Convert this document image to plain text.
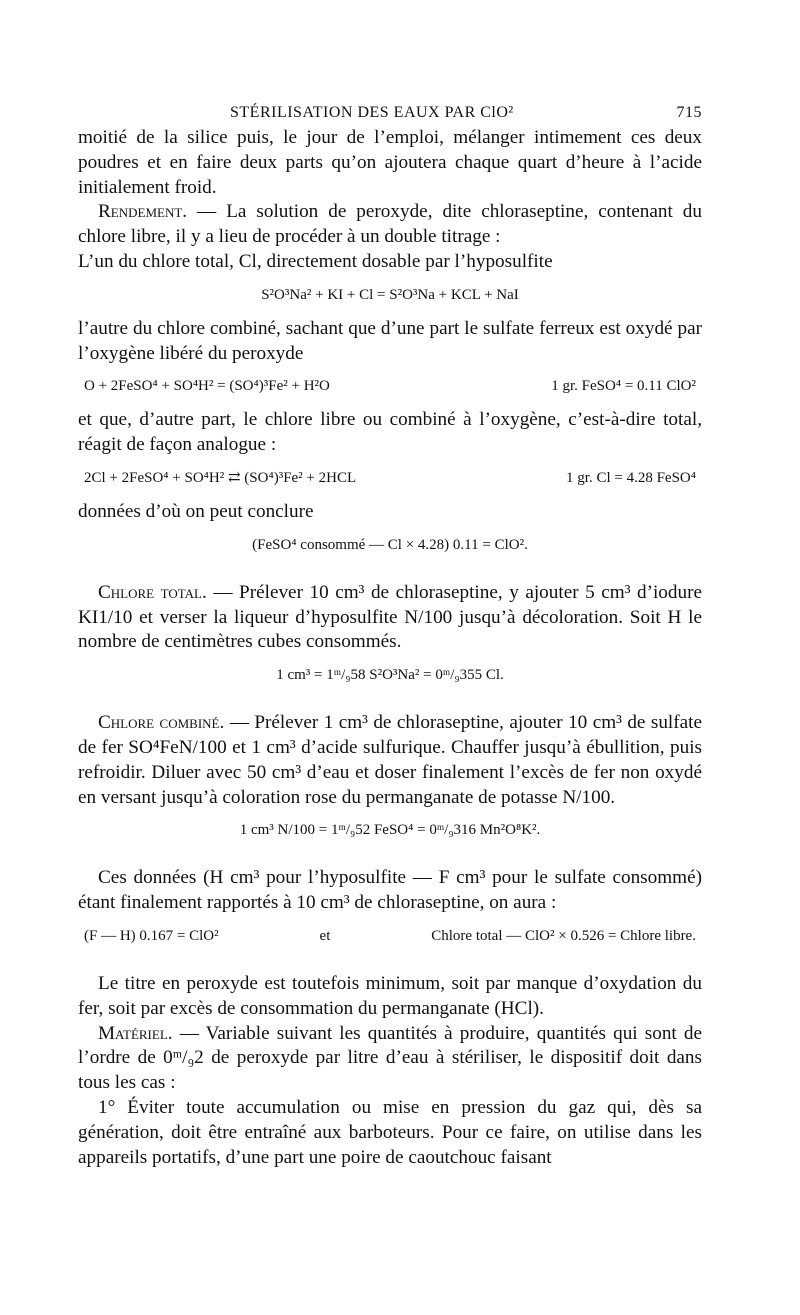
STÉRILISATION DES EAUX PAR ClO²	715

moitié de la silice puis, le jour de l’emploi, mélanger intimement ces deux poudres et en faire deux parts qu’on ajoutera chaque quart d’heure à l’acide initialement froid.

Rendement. — La solution de peroxyde, dite chloraseptine, contenant du chlore libre, il y a lieu de procéder à un double titrage :

L’un du chlore total, Cl, directement dosable par l’hyposulfite

S²O³Na² + KI + Cl = S²O³Na + KCL + NaI

l’autre du chlore combiné, sachant que d’une part le sulfate ferreux est oxydé par l’oxygène libéré du peroxyde

O + 2FeSO⁴ + SO⁴H² = (SO⁴)³Fe² + H²O	1 gr. FeSO⁴ = 0.11 ClO²

et que, d’autre part, le chlore libre ou combiné à l’oxygène, c’est-à-dire total, réagit de façon analogue :

2Cl + 2FeSO⁴ + SO⁴H² ⇄ (SO⁴)³Fe² + 2HCL	1 gr. Cl = 4.28 FeSO⁴

données d’où on peut conclure

(FeSO⁴ consommé — Cl × 4.28) 0.11 = ClO².

Chlore total. — Prélever 10 cm³ de chloraseptine, y ajouter 5 cm³ d’iodure KI1/10 et verser la liqueur d’hyposulfite N/100 jusqu’à décoloration. Soit H le nombre de centimètres cubes consommés.

1 cm³ = 1ᵐ/₉58 S²O³Na² = 0ᵐ/₉355 Cl.

Chlore combiné. — Prélever 1 cm³ de chloraseptine, ajouter 10 cm³ de sulfate de fer SO⁴FeN/100 et 1 cm³ d’acide sulfurique. Chauffer jusqu’à ébullition, puis refroidir. Diluer avec 50 cm³ d’eau et doser finalement l’excès de fer non oxydé en versant jusqu’à coloration rose du permanganate de potasse N/100.

1 cm³ N/100 = 1ᵐ/₉52 FeSO⁴ = 0ᵐ/₉316 Mn²O⁸K².

Ces données (H cm³ pour l’hyposulfite — F cm³ pour le sulfate consommé) étant finalement rapportés à 10 cm³ de chloraseptine, on aura :

(F — H) 0.167 = ClO²	et	Chlore total — ClO² × 0.526 = Chlore libre.

Le titre en peroxyde est toutefois minimum, soit par manque d’oxydation du fer, soit par excès de consommation du permanganate (HCl).

Matériel. — Variable suivant les quantités à produire, quantités qui sont de l’ordre de 0ᵐ/₉2 de peroxyde par litre d’eau à stériliser, le dispositif doit dans tous les cas :

1° Éviter toute accumulation ou mise en pression du gaz qui, dès sa génération, doit être entraîné aux barboteurs. Pour ce faire, on utilise dans les appareils portatifs, d’une part une poire de caoutchouc faisant
